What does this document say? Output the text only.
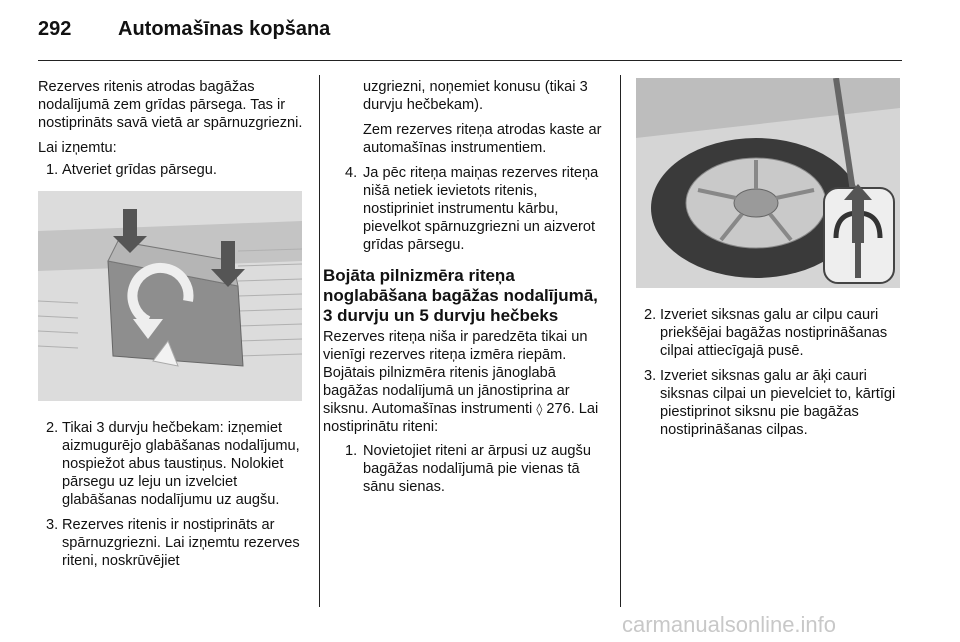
292 Automašīnas kopšana

Rezerves ritenis atrodas bagāžas nodalījumā zem grīdas pārsega. Tas ir nostiprināts savā vietā ar spārnuzgriezni.

Lai izņemtu:

1. Atveriet grīdas pārsegu.
2. Tikai 3 durvju hečbekam: izņemiet aizmugurējo glabāšanas nodalījumu, nospiežot abus taustiņus. Nolokiet pārsegu uz leju un izvelciet glabāšanas nodalījumu uz augšu.
3. Rezerves ritenis ir nostiprināts ar spārnuzgriezni. Lai izņemtu rezerves riteni, noskrūvējiet

uzgriezni, noņemiet konusu (tikai 3 durvju hečbekam).

Zem rezerves riteņa atrodas kaste ar automašīnas instrumentiem.

4. Ja pēc riteņa maiņas rezerves riteņa nišā netiek ievietots ritenis, nostipriniet instrumentu kārbu, pievelkot spārnuzgriezni un aizverot grīdas pārsegu.
Bojāta pilnizmēra riteņa noglabāšana bagāžas nodalījumā, 3 durvju un 5 durvju hečbeks

Rezerves riteņa niša ir paredzēta tikai un vienīgi rezerves riteņa izmēra riepām. Bojātais pilnizmēra ritenis jānoglabā bagāžas nodalījumā un jānostiprina ar siksnu. Automašīnas instrumenti ◊ 276. Lai nostiprinātu riteni:

1. Novietojiet riteni ar ārpusi uz augšu bagāžas nodalījumā pie vienas tā sānu sienas.
2. Izveriet siksnas galu ar cilpu cauri priekšējai bagāžas nostiprināšanas cilpai attiecīgajā pusē.
3. Izveriet siksnas galu ar āķi cauri siksnas cilpai un pievelciet to, kārtīgi piestiprinot siksnu pie bagāžas nostiprināšanas cilpas.
carmanualsonline.info
